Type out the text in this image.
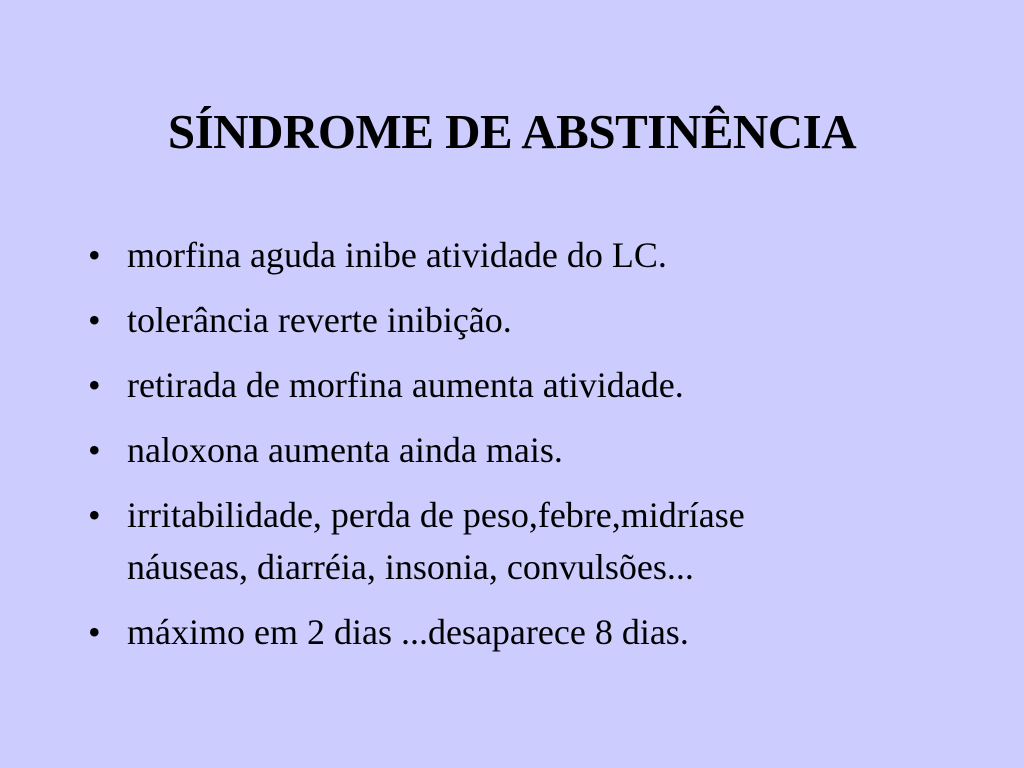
SÍNDROME DE ABSTINÊNCIA
• morfina aguda inibe atividade do LC.
• tolerância reverte inibição.
• retirada de morfina aumenta atividade.
• naloxona aumenta ainda mais.
• irritabilidade, perda de peso,febre,midríase
náuseas, diarréia, insonia, convulsões...
• máximo em 2 dias ...desaparece 8 dias.
